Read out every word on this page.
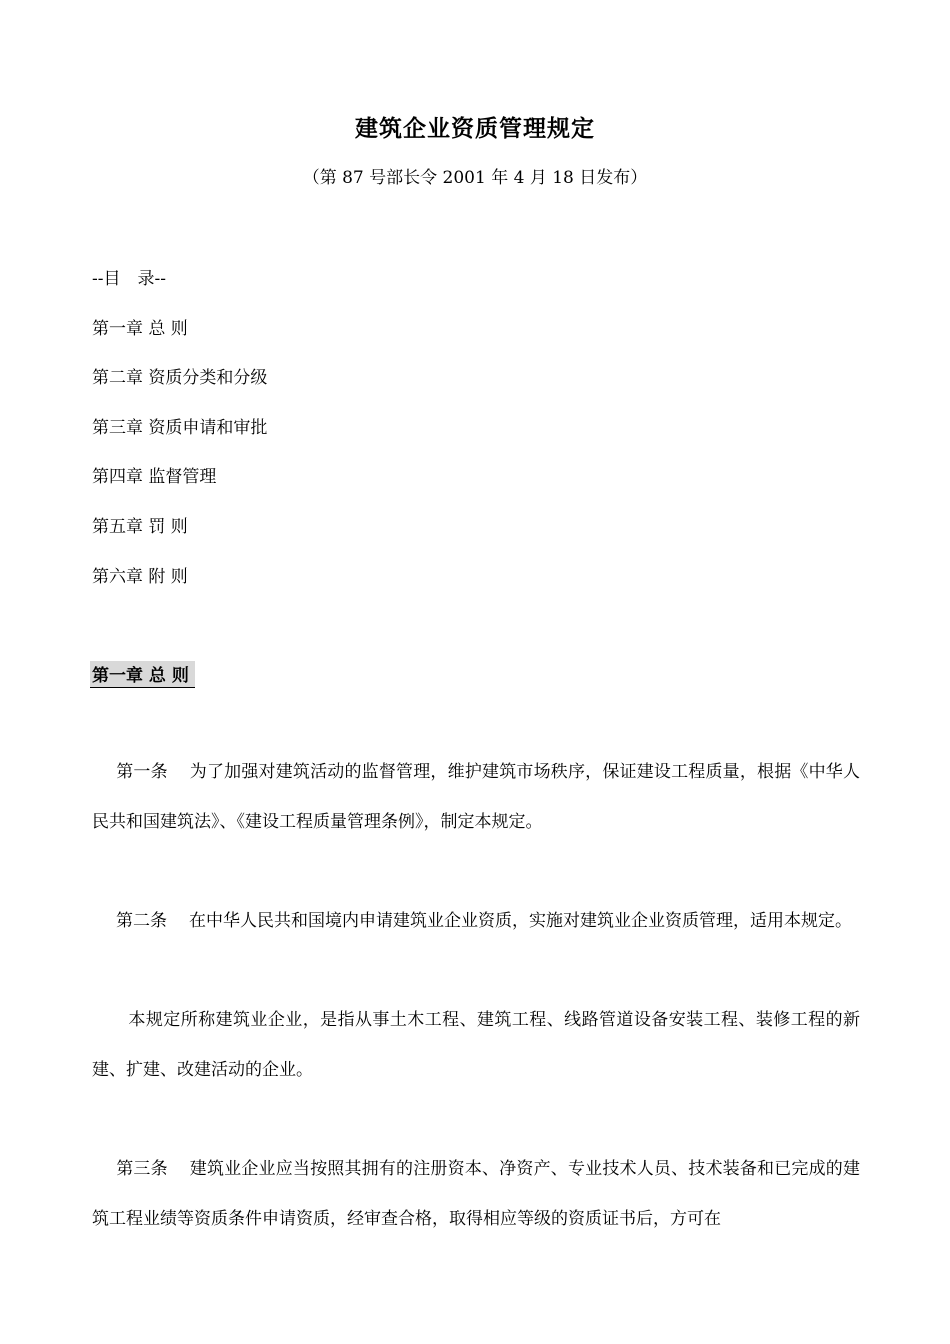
建筑企业资质管理规定
（第 87 号部长令 2001 年 4 月 18 日发布）
--目　录--
第一章 总 则
第二章 资质分类和分级
第三章 资质申请和审批
第四章 监督管理
第五章 罚 则
第六章 附 则
第一章 总 则
第一条 为了加强对建筑活动的监督管理，维护建筑市场秩序，保证建设工程质量，根据《中华人民共和国建筑法》、《建设工程质量管理条例》，制定本规定。
第二条 在中华人民共和国境内申请建筑业企业资质，实施对建筑业企业资质管理，适用本规定。
本规定所称建筑业企业，是指从事土木工程、建筑工程、线路管道设备安装工程、装修工程的新建、扩建、改建活动的企业。
第三条 建筑业企业应当按照其拥有的注册资本、净资产、专业技术人员、技术装备和已完成的建筑工程业绩等资质条件申请资质，经审查合格，取得相应等级的资质证书后，方可在
